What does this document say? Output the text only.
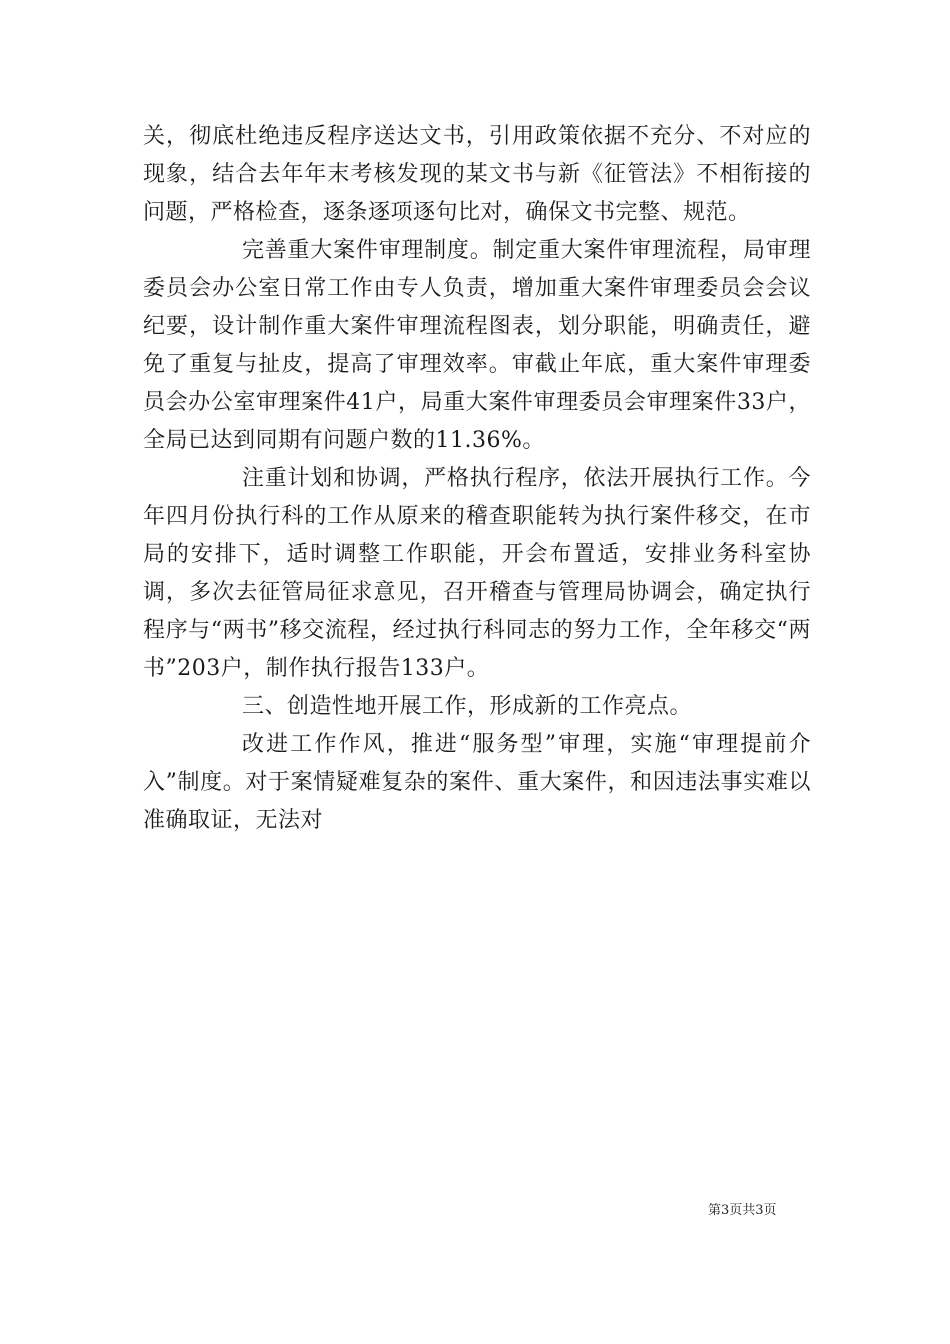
关，彻底杜绝违反程序送达文书，引用政策依据不充分、不对应的现象，结合去年年末考核发现的某文书与新《征管法》不相衔接的问题，严格检查，逐条逐项逐句比对，确保文书完整、规范。

完善重大案件审理制度。制定重大案件审理流程，局审理委员会办公室日常工作由专人负责，增加重大案件审理委员会会议纪要，设计制作重大案件审理流程图表，划分职能，明确责任，避免了重复与扯皮，提高了审理效率。审截止年底，重大案件审理委员会办公室审理案件41户，局重大案件审理委员会审理案件33户，全局已达到同期有问题户数的11.36%。

注重计划和协调，严格执行程序，依法开展执行工作。今年四月份执行科的工作从原来的稽查职能转为执行案件移交，在市局的安排下，适时调整工作职能，开会布置适，安排业务科室协调，多次去征管局征求意见，召开稽查与管理局协调会，确定执行程序与“两书”移交流程，经过执行科同志的努力工作，全年移交“两书”203户，制作执行报告133户。

三、创造性地开展工作，形成新的工作亮点。

改进工作作风，推进“服务型”审理，实施“审理提前介入”制度。对于案情疑难复杂的案件、重大案件，和因违法事实难以准确取证，无法对

第3页共3页
